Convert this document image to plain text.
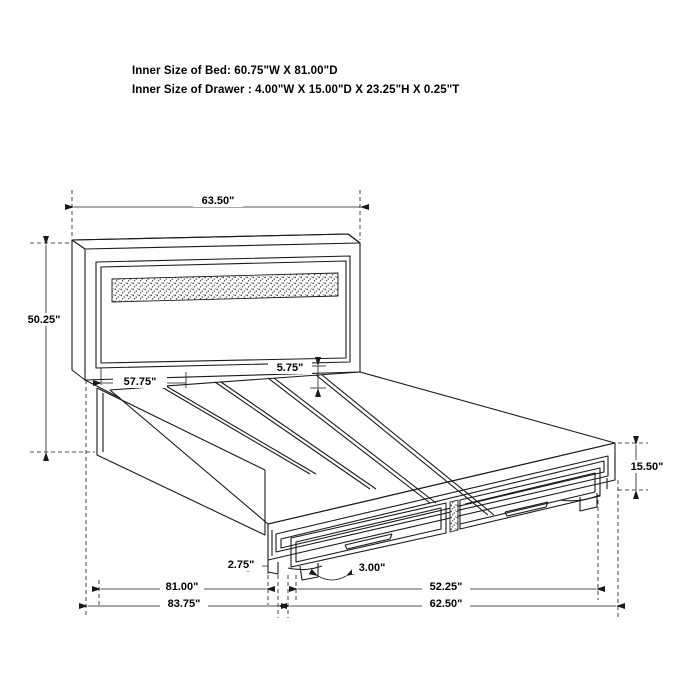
Inner Size of Bed: 60.75"W X 81.00"D
Inner Size of Drawer : 4.00"W X 15.00"D X 23.25"H X 0.25"T
63.50"
50.25"
57.75"
5.75"
15.50"
2.75"	3.00"
81.00"
83.75"
52.25"
62.50"
